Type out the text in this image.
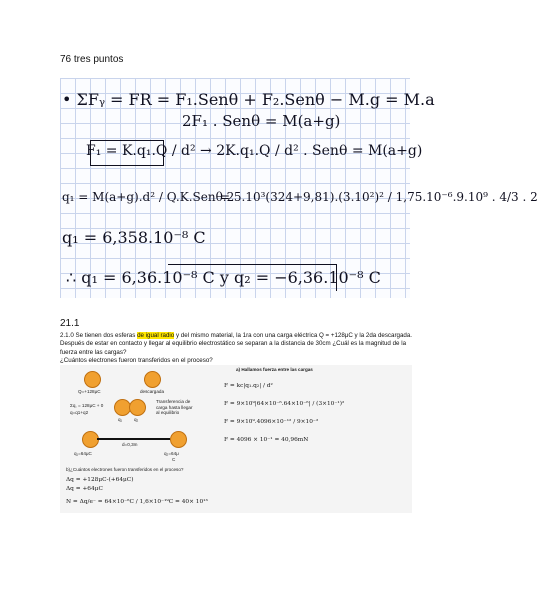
76 tres puntos
• ΣFᵧ = FR = F₁.Senθ + F₂.Senθ − M.g = M.a
2F₁ . Senθ = M(a+g)
F₁ = K.q₁.Q / d² → 2K.q₁.Q / d² . Senθ = M(a+g)
q₁ = M(a+g).d² / Q.K.Senθ.2
= 5.10³(324+9,81).(3.10²)² / 1,75.10⁻⁶.9.10⁹ . 4/3 . 2
q₁ = 6,358.10⁻⁸ C
∴ q₁ = 6,36.10⁻⁸ C y q₂ = −6,36.10⁻⁸ C
21.1
2.1.0 Se tienen dos esferas de igual radio y del mismo material, la 1ra con una carga eléctrica Q = +128μC y la 2da descargada. Después de estar en contacto y llegar al equilibrio electrostático se separan a la distancia de 30cm ¿Cuál es la magnitud de la fuerza entre las cargas?
¿Cuántos electrones fueron transferidos en el proceso?
Q=+128μC	descargada
Σq, = 128μC + 0
q=q1+q2
q₁	q₂
Transferencia de carga hasta llegar al equilibrio
d=0,3m
q₁=64μC	q₂=64μ
C
a) Hallamos fuerza entre las cargas
F = kc|q₁.q₂| / d²
F = 9×10⁹|64×10⁻⁶.64×10⁻⁶| / (3×10⁻¹)²
F = 9×10⁹.4096×10⁻¹² / 9×10⁻²
F = 4096 × 10⁻¹ = 40,96mN
b)¿Cuántos electrones fueron transferidos en el proceso?
Δq = +128μC-(+64μC)
Δq = +64μC
N = Δq/e⁻ = 64×10⁻⁶C / 1,6×10⁻¹⁹C = 40× 10¹³
